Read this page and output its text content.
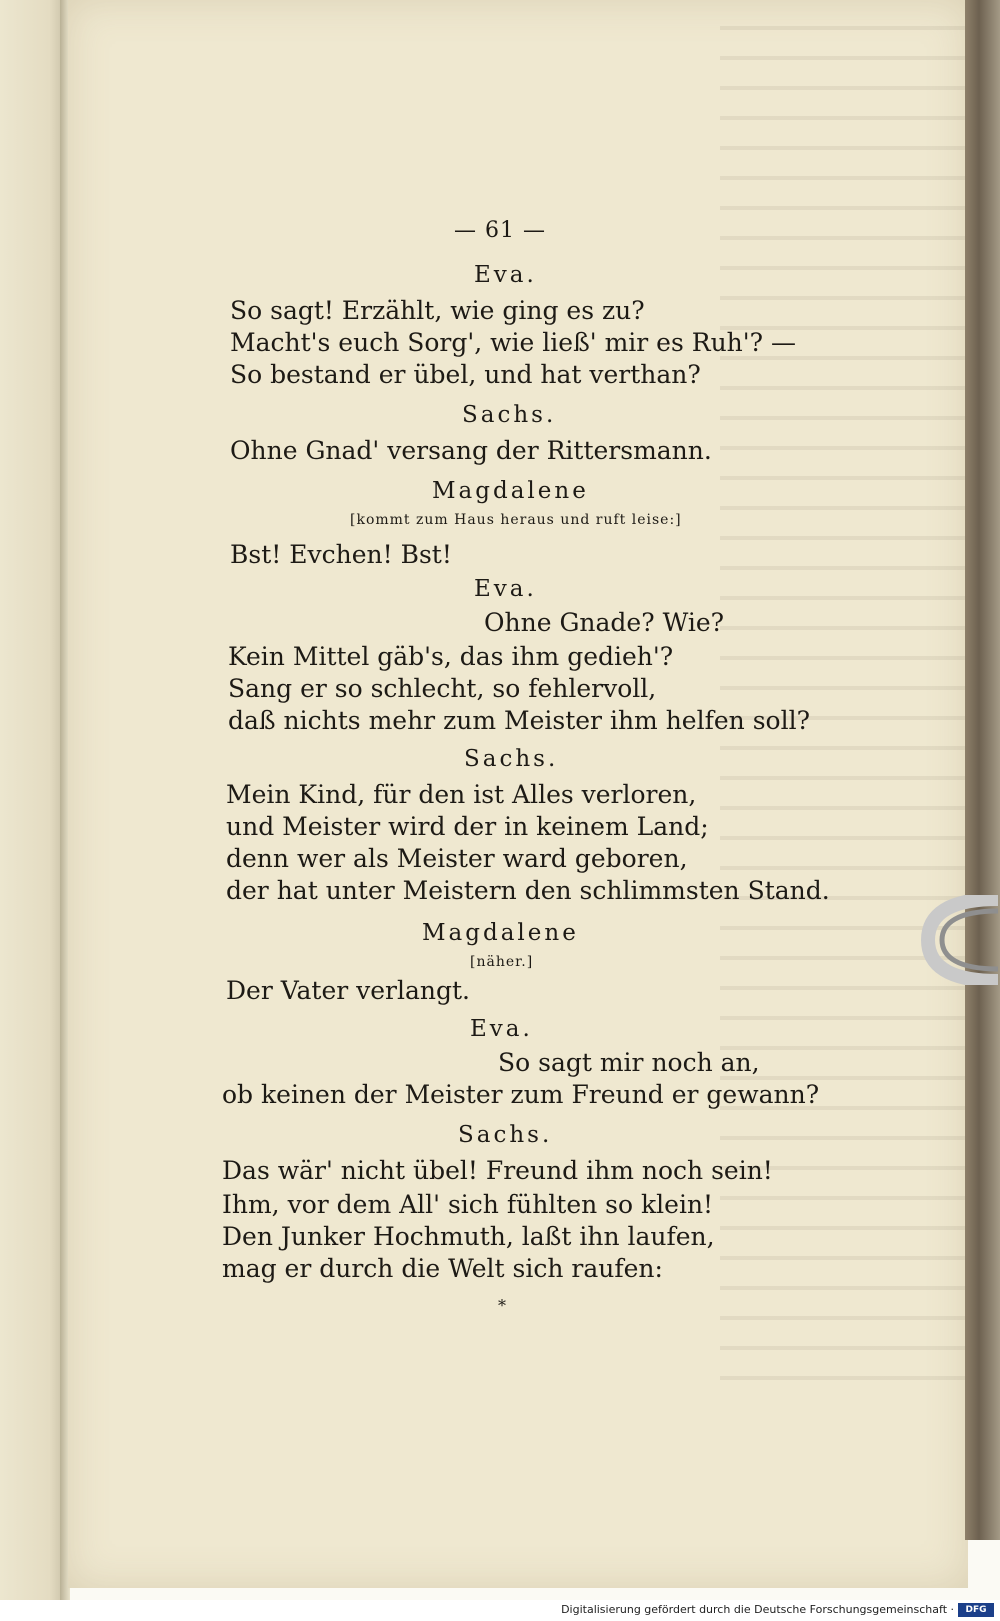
— 61 —
Eva.
So sagt! Erzählt, wie ging es zu?
Macht's euch Sorg', wie ließ' mir es Ruh'? —
So bestand er übel, und hat verthan?
Sachs.
Ohne Gnad' versang der Rittersmann.
Magdalene
[kommt zum Haus heraus und ruft leise:]
Bst! Evchen! Bst!
Eva.
Ohne Gnade? Wie?
Kein Mittel gäb's, das ihm gedieh'?
Sang er so schlecht, so fehlervoll,
daß nichts mehr zum Meister ihm helfen soll?
Sachs.
Mein Kind, für den ist Alles verloren,
und Meister wird der in keinem Land;
denn wer als Meister ward geboren,
der hat unter Meistern den schlimmsten Stand.
Magdalene
[näher.]
Der Vater verlangt.
Eva.
So sagt mir noch an,
ob keinen der Meister zum Freund er gewann?
Sachs.
Das wär' nicht übel! Freund ihm noch sein!
Ihm, vor dem All' sich fühlten so klein!
Den Junker Hochmuth, laßt ihn laufen,
mag er durch die Welt sich raufen:
*
Digitalisierung gefördert durch die Deutsche Forschungsgemeinschaft ·	DFG
